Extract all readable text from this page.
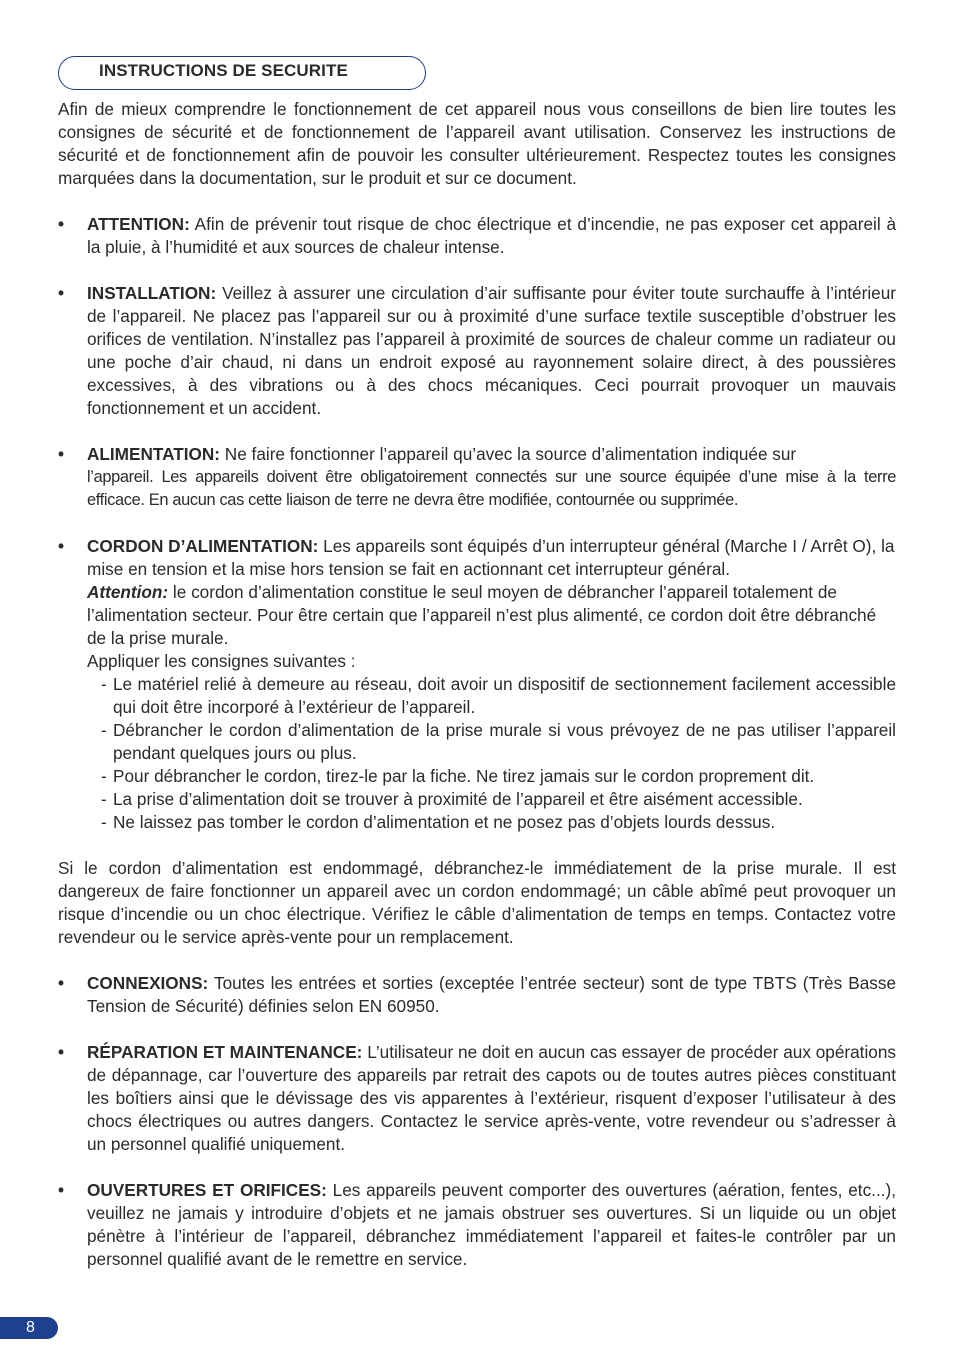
INSTRUCTIONS DE SECURITE

Afin de mieux comprendre le fonctionnement de cet appareil nous vous conseillons de bien lire toutes les consignes de sécurité et de fonctionnement de l’appareil avant utilisation. Conservez les instructions de sécurité et de fonctionnement afin de pouvoir les consulter ultérieurement. Respectez toutes les consignes marquées dans la documentation, sur le produit et sur ce document.

• ATTENTION: Afin de prévenir tout risque de choc électrique et d’incendie, ne pas exposer cet appareil à la pluie, à l’humidité et aux sources de chaleur intense.
• INSTALLATION: Veillez à assurer une circulation d’air suffisante pour éviter toute surchauffe à l’intérieur de l’appareil. Ne placez pas l’appareil sur ou à proximité d’une surface textile susceptible d’obstruer les orifices de ventilation. N’installez pas l’appareil à proximité de sources de chaleur comme un radiateur ou une poche d’air chaud, ni dans un endroit exposé au rayonnement solaire direct, à des poussières excessives, à des vibrations ou à des chocs mécaniques. Ceci pourrait provoquer un mauvais fonctionnement et un accident.
• ALIMENTATION: Ne faire fonctionner l’appareil qu’avec la source d’alimentation indiquée sur
l’appareil. Les appareils doivent être obligatoirement connectés sur une source équipée d’une mise à la terre efficace. En aucun cas cette liaison de terre ne devra être modifiée, contournée ou supprimée.
• CORDON D’ALIMENTATION: Les appareils sont équipés d’un interrupteur général (Marche I / Arrêt O), la mise en tension et la mise hors tension se fait en actionnant cet interrupteur général.
Attention: le cordon d’alimentation constitue le seul moyen de débrancher l’appareil totalement de l’alimentation secteur. Pour être certain que l’appareil n’est plus alimenté, ce cordon doit être débranché de la prise murale.
Appliquer les consignes suivantes :
- Le matériel relié à demeure au réseau, doit avoir un dispositif de sectionnement facilement accessible qui doit être incorporé à l’extérieur de l’appareil.
- Débrancher le cordon d’alimentation de la prise murale si vous prévoyez de ne pas utiliser l’appareil pendant quelques jours ou plus.
- Pour débrancher le cordon, tirez-le par la fiche. Ne tirez jamais sur le cordon proprement dit.
- La prise d’alimentation doit se trouver à proximité de l’appareil et être aisément accessible.
- Ne laissez pas tomber le cordon d’alimentation et ne posez pas d’objets lourds dessus.

Si le cordon d’alimentation est endommagé, débranchez-le immédiatement de la prise murale. Il est dangereux de faire fonctionner un appareil avec un cordon endommagé; un câble abîmé peut provoquer un risque d’incendie ou un choc électrique. Vérifiez le câble d’alimentation de temps en temps. Contactez votre revendeur ou le service après-vente pour un remplacement.

• CONNEXIONS: Toutes les entrées et sorties (exceptée l’entrée secteur) sont de type TBTS (Très Basse Tension de Sécurité) définies selon EN 60950.
• RÉPARATION ET MAINTENANCE: L’utilisateur ne doit en aucun cas essayer de procéder aux opérations de dépannage, car l’ouverture des appareils par retrait des capots ou de toutes autres pièces constituant les boîtiers ainsi que le dévissage des vis apparentes à l’extérieur, risquent d’exposer l’utilisateur à des chocs électriques ou autres dangers. Contactez le service après-vente, votre revendeur ou s’adresser à un personnel qualifié uniquement.
• OUVERTURES ET ORIFICES: Les appareils peuvent comporter des ouvertures (aération, fentes, etc...), veuillez ne jamais y introduire d’objets et ne jamais obstruer ses ouvertures. Si un liquide ou un objet pénètre à l’intérieur de l’appareil, débranchez immédiatement l’appareil et faites-le contrôler par un personnel qualifié avant de le remettre en service.
8
